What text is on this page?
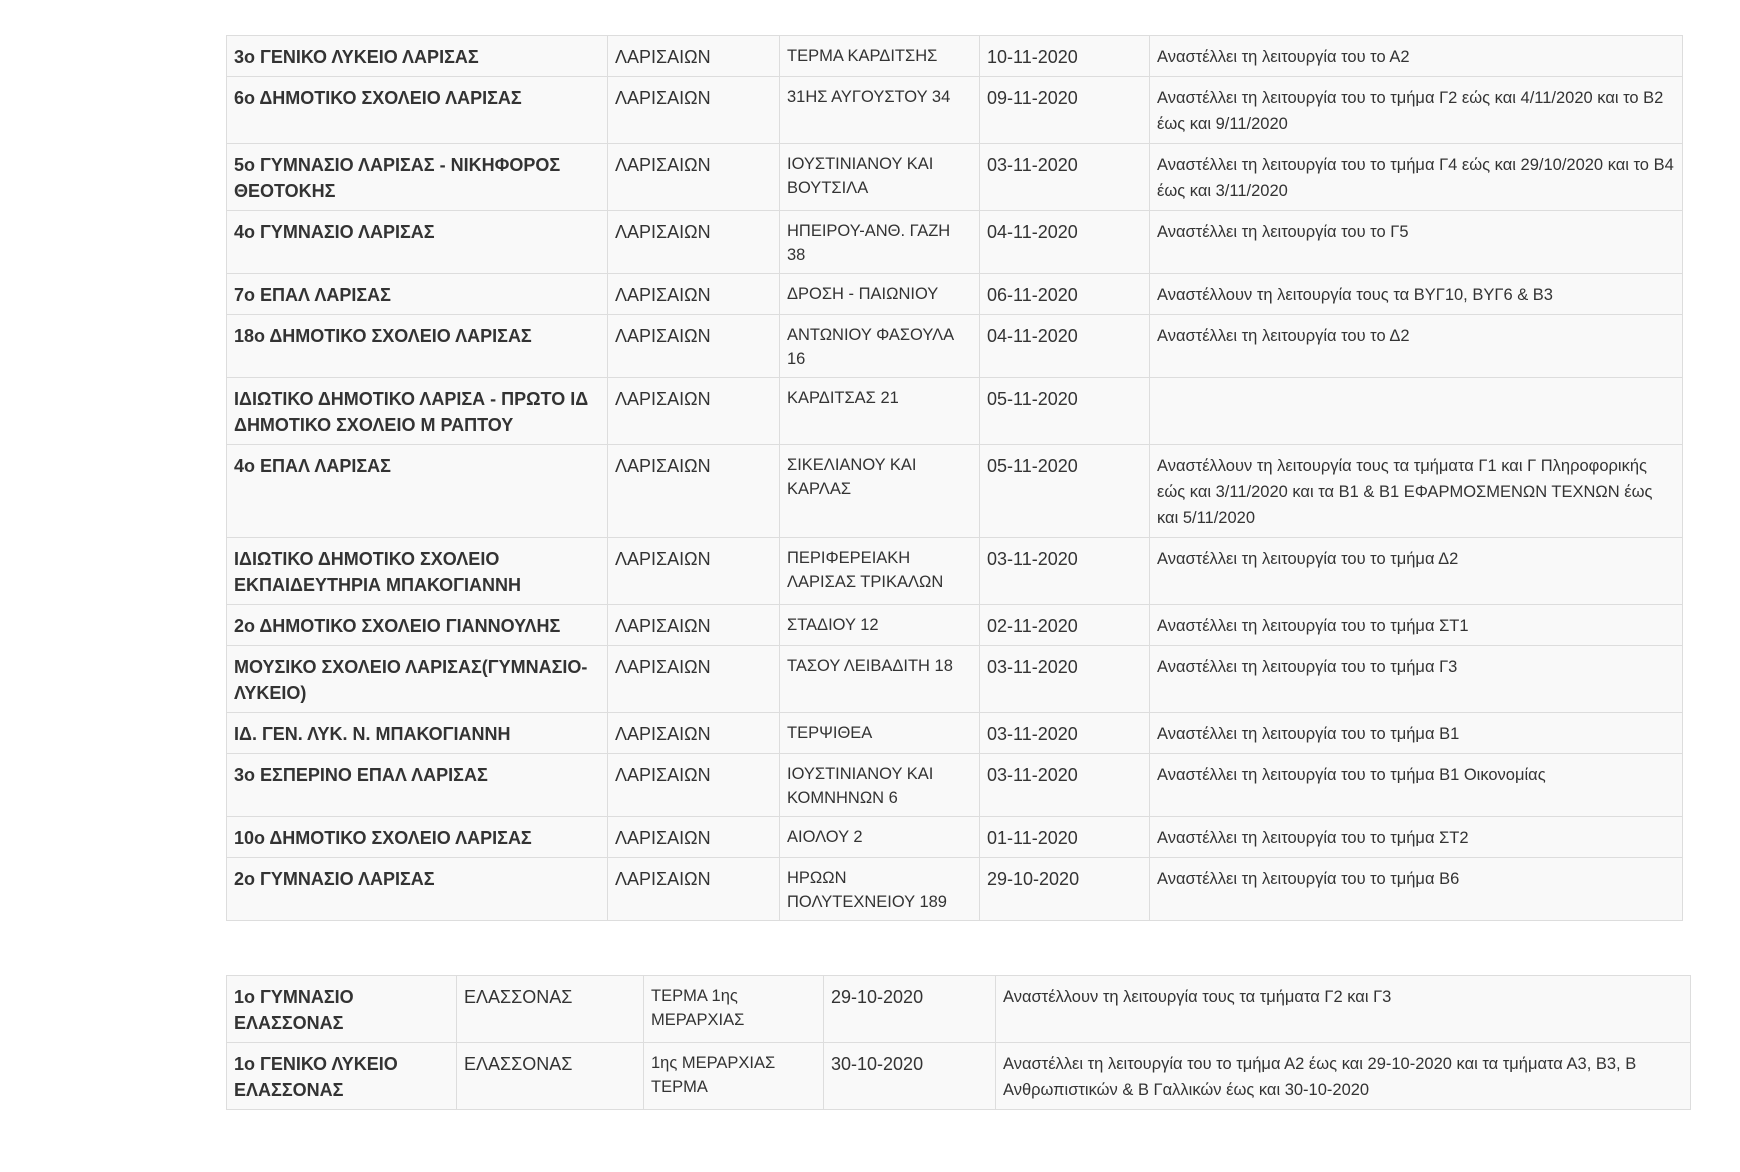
3ο ΓΕΝΙΚΟ ΛΥΚΕΙΟ ΛΑΡΙΣΑΣ	ΛΑΡΙΣΑΙΩΝ	ΤΕΡΜΑ ΚΑΡΔΙΤΣΗΣ	10-11-2020	Αναστέλλει τη λειτουργία του το Α2
6ο ΔΗΜΟΤΙΚΟ ΣΧΟΛΕΙΟ ΛΑΡΙΣΑΣ	ΛΑΡΙΣΑΙΩΝ	31ΗΣ ΑΥΓΟΥΣΤΟΥ 34	09-11-2020	Αναστέλλει τη λειτουργία του το τμήμα Γ2 εώς και 4/11/2020 και το Β2 έως και 9/11/2020
5ο ΓΥΜΝΑΣΙΟ ΛΑΡΙΣΑΣ - ΝΙΚΗΦΟΡΟΣ ΘΕΟΤΟΚΗΣ	ΛΑΡΙΣΑΙΩΝ	ΙΟΥΣΤΙΝΙΑΝΟΥ ΚΑΙ ΒΟΥΤΣΙΛΑ	03-11-2020	Αναστέλλει τη λειτουργία του το τμήμα Γ4 εώς και 29/10/2020 και το Β4 έως και 3/11/2020
4ο ΓΥΜΝΑΣΙΟ ΛΑΡΙΣΑΣ	ΛΑΡΙΣΑΙΩΝ	ΗΠΕΙΡΟΥ-ΑΝΘ. ΓΑΖΗ 38	04-11-2020	Αναστέλλει τη λειτουργία του το Γ5
7ο ΕΠΑΛ ΛΑΡΙΣΑΣ	ΛΑΡΙΣΑΙΩΝ	ΔΡΟΣΗ - ΠΑΙΩΝΙΟΥ	06-11-2020	Αναστέλλουν τη λειτουργία τους τα ΒΥΓ10, ΒΥΓ6 & Β3
18ο ΔΗΜΟΤΙΚΟ ΣΧΟΛΕΙΟ ΛΑΡΙΣΑΣ	ΛΑΡΙΣΑΙΩΝ	ΑΝΤΩΝΙΟΥ ΦΑΣΟΥΛΑ 16	04-11-2020	Αναστέλλει τη λειτουργία του το Δ2
ΙΔΙΩΤΙΚΟ ΔΗΜΟΤΙΚΟ ΛΑΡΙΣΑ - ΠΡΩΤΟ ΙΔ ΔΗΜΟΤΙΚΟ ΣΧΟΛΕΙΟ Μ ΡΑΠΤΟΥ	ΛΑΡΙΣΑΙΩΝ	ΚΑΡΔΙΤΣΑΣ 21	05-11-2020	
4ο ΕΠΑΛ ΛΑΡΙΣΑΣ	ΛΑΡΙΣΑΙΩΝ	ΣΙΚΕΛΙΑΝΟΥ ΚΑΙ ΚΑΡΛΑΣ	05-11-2020	Αναστέλλουν τη λειτουργία τους τα τμήματα Γ1 και Γ Πληροφορικής εώς και 3/11/2020 και τα Β1 & Β1 ΕΦΑΡΜΟΣΜΕΝΩΝ ΤΕΧΝΩΝ έως και 5/11/2020
ΙΔΙΩΤΙΚΟ ΔΗΜΟΤΙΚΟ ΣΧΟΛΕΙΟ ΕΚΠΑΙΔΕΥΤΗΡΙΑ ΜΠΑΚΟΓΙΑΝΝΗ	ΛΑΡΙΣΑΙΩΝ	ΠΕΡΙΦΕΡΕΙΑΚΗ ΛΑΡΙΣΑΣ ΤΡΙΚΑΛΩΝ	03-11-2020	Αναστέλλει τη λειτουργία του το τμήμα Δ2
2ο ΔΗΜΟΤΙΚΟ ΣΧΟΛΕΙΟ ΓΙΑΝΝΟΥΛΗΣ	ΛΑΡΙΣΑΙΩΝ	ΣΤΑΔΙΟΥ 12	02-11-2020	Αναστέλλει τη λειτουργία του το τμήμα ΣΤ1
ΜΟΥΣΙΚΟ ΣΧΟΛΕΙΟ ΛΑΡΙΣΑΣ(ΓΥΜΝΑΣΙΟ-ΛΥΚΕΙΟ)	ΛΑΡΙΣΑΙΩΝ	ΤΑΣΟΥ ΛΕΙΒΑΔΙΤΗ 18	03-11-2020	Αναστέλλει τη λειτουργία του το τμήμα Γ3
ΙΔ. ΓΕΝ. ΛΥΚ. Ν. ΜΠΑΚΟΓΙΑΝΝΗ	ΛΑΡΙΣΑΙΩΝ	ΤΕΡΨΙΘΕΑ	03-11-2020	Αναστέλλει τη λειτουργία του το τμήμα Β1
3ο ΕΣΠΕΡΙΝΟ ΕΠΑΛ ΛΑΡΙΣΑΣ	ΛΑΡΙΣΑΙΩΝ	ΙΟΥΣΤΙΝΙΑΝΟΥ ΚΑΙ ΚΟΜΝΗΝΩΝ 6	03-11-2020	Αναστέλλει τη λειτουργία του το τμήμα Β1 Οικονομίας
10ο ΔΗΜΟΤΙΚΟ ΣΧΟΛΕΙΟ ΛΑΡΙΣΑΣ	ΛΑΡΙΣΑΙΩΝ	ΑΙΟΛΟΥ 2	01-11-2020	Αναστέλλει τη λειτουργία του το τμήμα ΣΤ2
2ο ΓΥΜΝΑΣΙΟ ΛΑΡΙΣΑΣ	ΛΑΡΙΣΑΙΩΝ	ΗΡΩΩΝ ΠΟΛΥΤΕΧΝΕΙΟΥ 189	29-10-2020	Αναστέλλει τη λειτουργία του το τμήμα Β6
1ο ΓΥΜΝΑΣΙΟ ΕΛΑΣΣΟΝΑΣ	ΕΛΑΣΣΟΝΑΣ	ΤΕΡΜΑ 1ης ΜΕΡΑΡΧΙΑΣ	29-10-2020	Αναστέλλουν τη λειτουργία τους τα τμήματα Γ2 και Γ3
1ο ΓΕΝΙΚΟ ΛΥΚΕΙΟ ΕΛΑΣΣΟΝΑΣ	ΕΛΑΣΣΟΝΑΣ	1ης ΜΕΡΑΡΧΙΑΣ ΤΕΡΜΑ	30-10-2020	Αναστέλλει τη λειτουργία του το τμήμα Α2 έως και 29-10-2020 και τα τμήματα Α3, Β3, Β Ανθρωπιστικών & Β Γαλλικών έως και 30-10-2020
